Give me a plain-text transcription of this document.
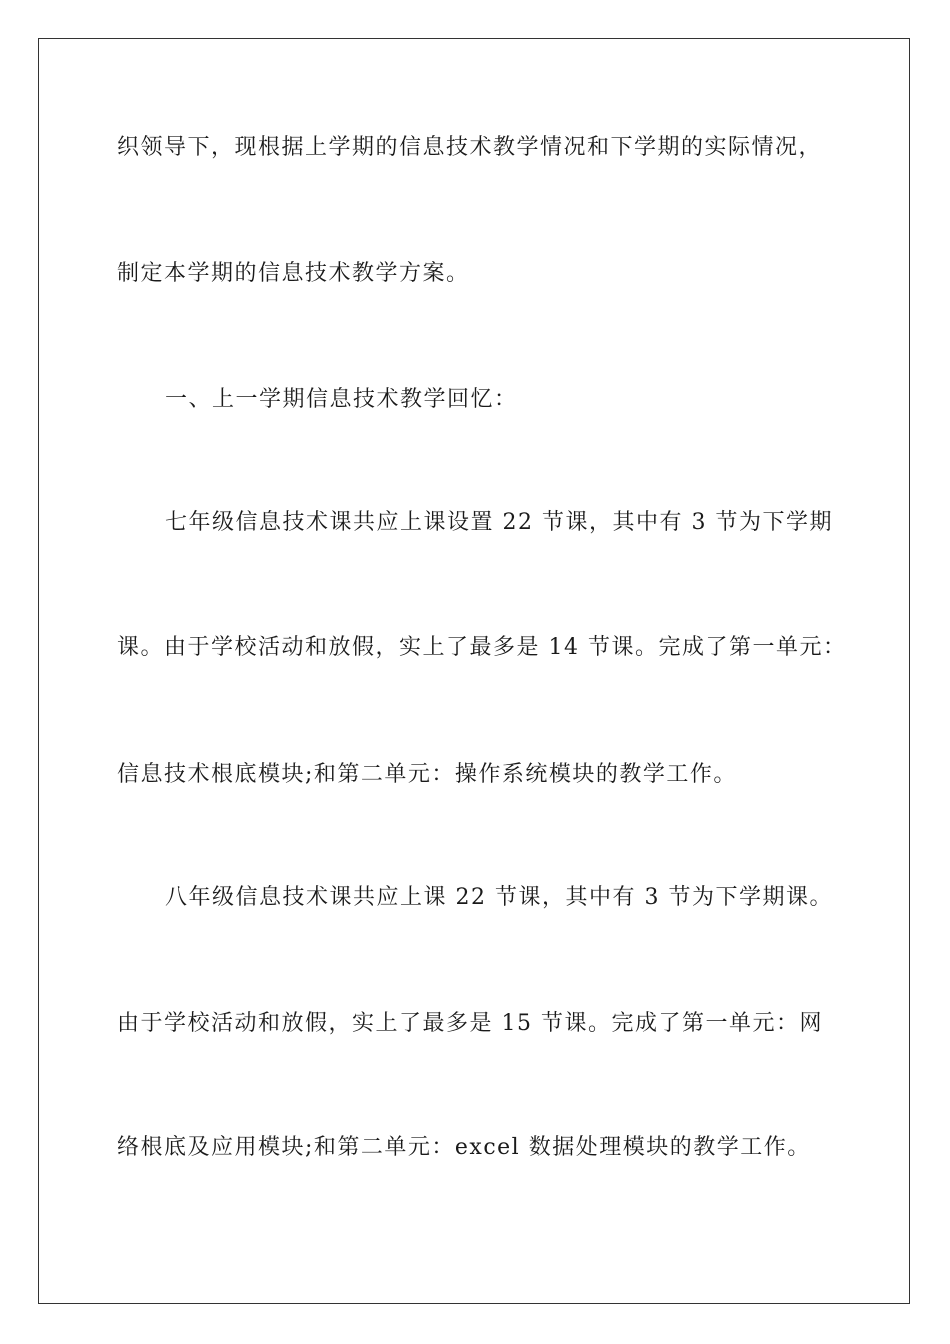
织领导下，现根据上学期的信息技术教学情况和下学期的实际情况，
制定本学期的信息技术教学方案。
一、上一学期信息技术教学回忆：
七年级信息技术课共应上课设置 22 节课，其中有 3 节为下学期
课。由于学校活动和放假，实上了最多是 14 节课。完成了第一单元：
信息技术根底模块;和第二单元：操作系统模块的教学工作。
八年级信息技术课共应上课 22 节课，其中有 3 节为下学期课。
由于学校活动和放假，实上了最多是 15 节课。完成了第一单元：网
络根底及应用模块;和第二单元：excel 数据处理模块的教学工作。
